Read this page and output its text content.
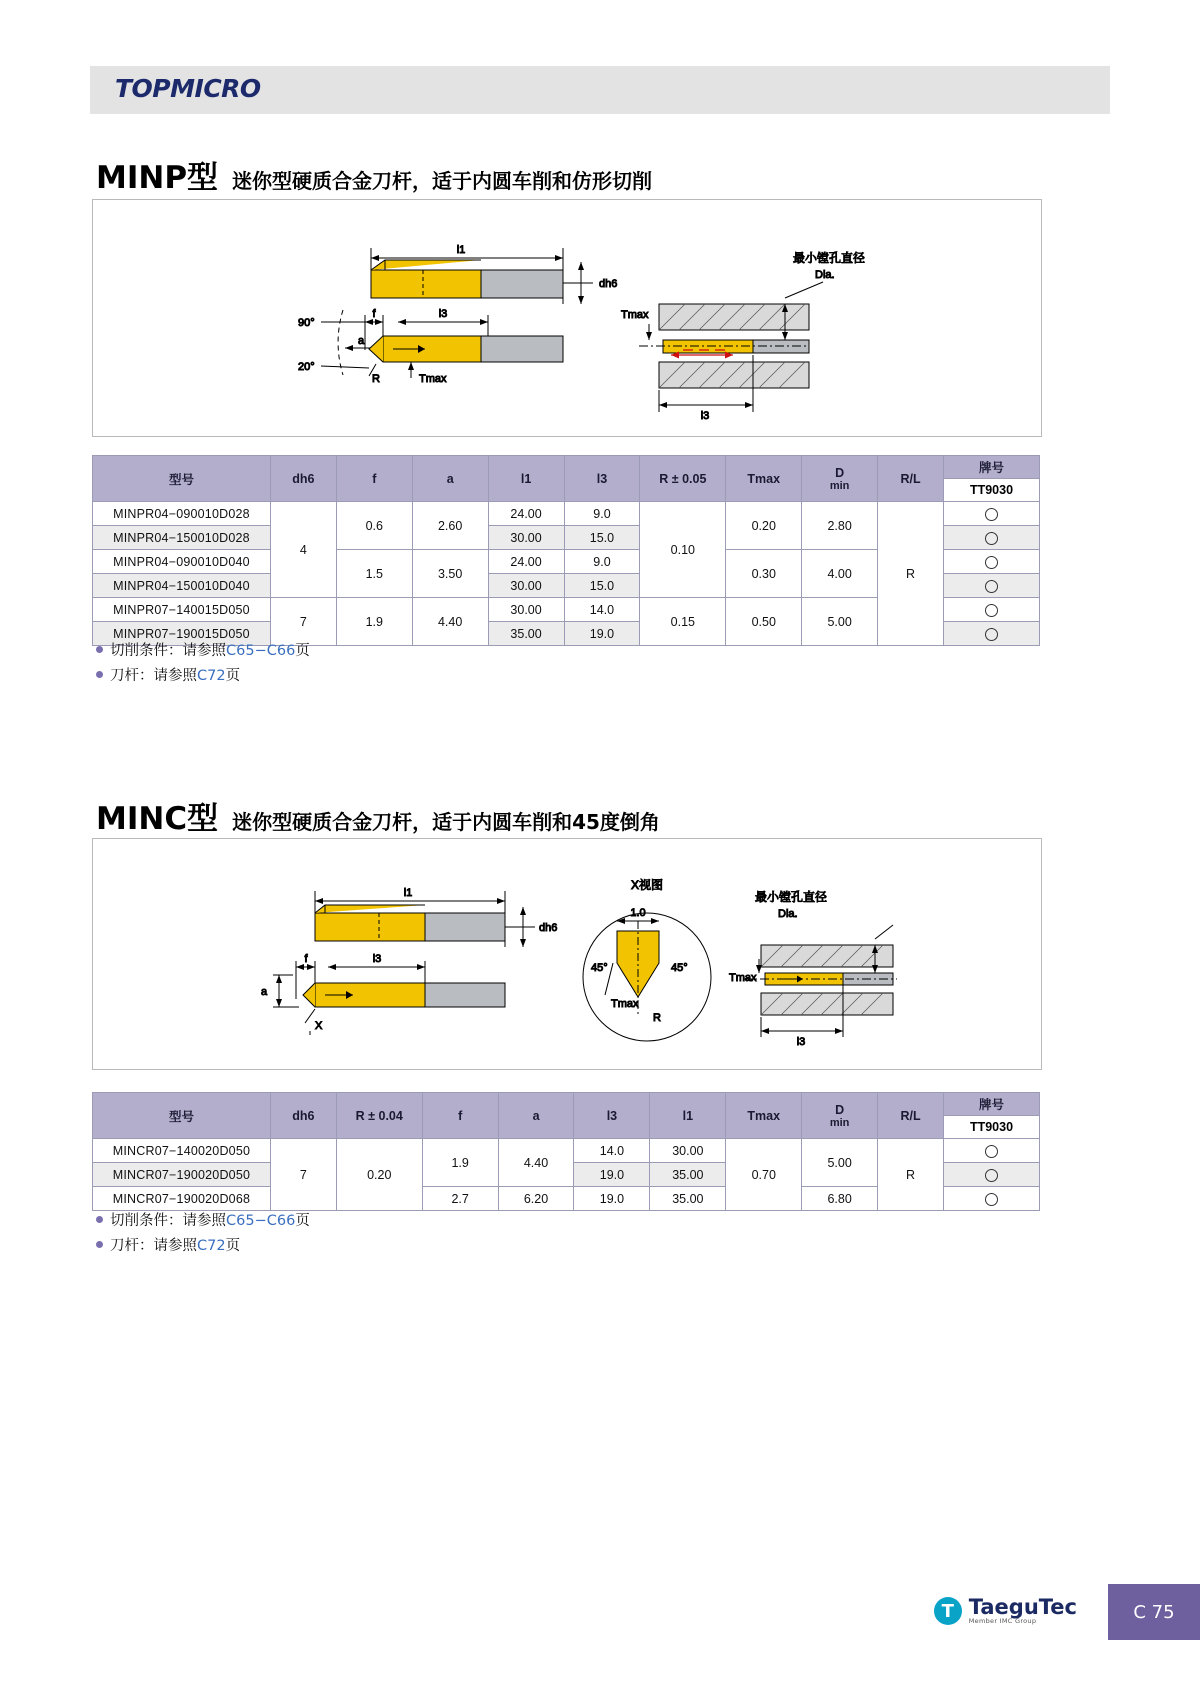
TOPMICRO
MINP型 迷你型硬质合金刀杆，适于内圆车削和仿形切削
l1
dh6
90°
20°
f	l3
a
R	Tmax
Tmax
l3
最小镗孔直径
Dia.
型号	dh6	f	a	l1	l3	R ± 0.05	Tmax	D
min	R/L	牌号
										TT9030
MINPR04−090010D028	4	0.6	2.60	24.00	9.0	0.10	0.20	2.80	R	
MINPR04−150010D028				30.00	15.0					
MINPR04−090010D040		1.5	3.50	24.00	9.0		0.30	4.00		
MINPR04−150010D040				30.00	15.0					
MINPR07−140015D050	7	1.9	4.40	30.00	14.0	0.15	0.50	5.00		
MINPR07−190015D050				35.00	19.0					
切削条件：请参照C65−C66页
刀杆：请参照C72页
MINC型 迷你型硬质合金刀杆，适于内圆车削和45度倒角
l1
dh6
f	l3
a
X
X视图
1.0
45°	45°
Tmax
R
Tmax
l3
最小镗孔直径
Dia.
型号	dh6	R ± 0.04	f	a	l3	l1	Tmax	D
min	R/L	牌号
										TT9030
MINCR07−140020D050	7	0.20	1.9	4.40	14.0	30.00	0.70	5.00	R	
MINCR07−190020D050					19.0	35.00				
MINCR07−190020D068			2.7	6.20	19.0	35.00		6.80		
切削条件：请参照C65−C66页
刀杆：请参照C72页
T TaeguTec
Member IMC Group	C 75
